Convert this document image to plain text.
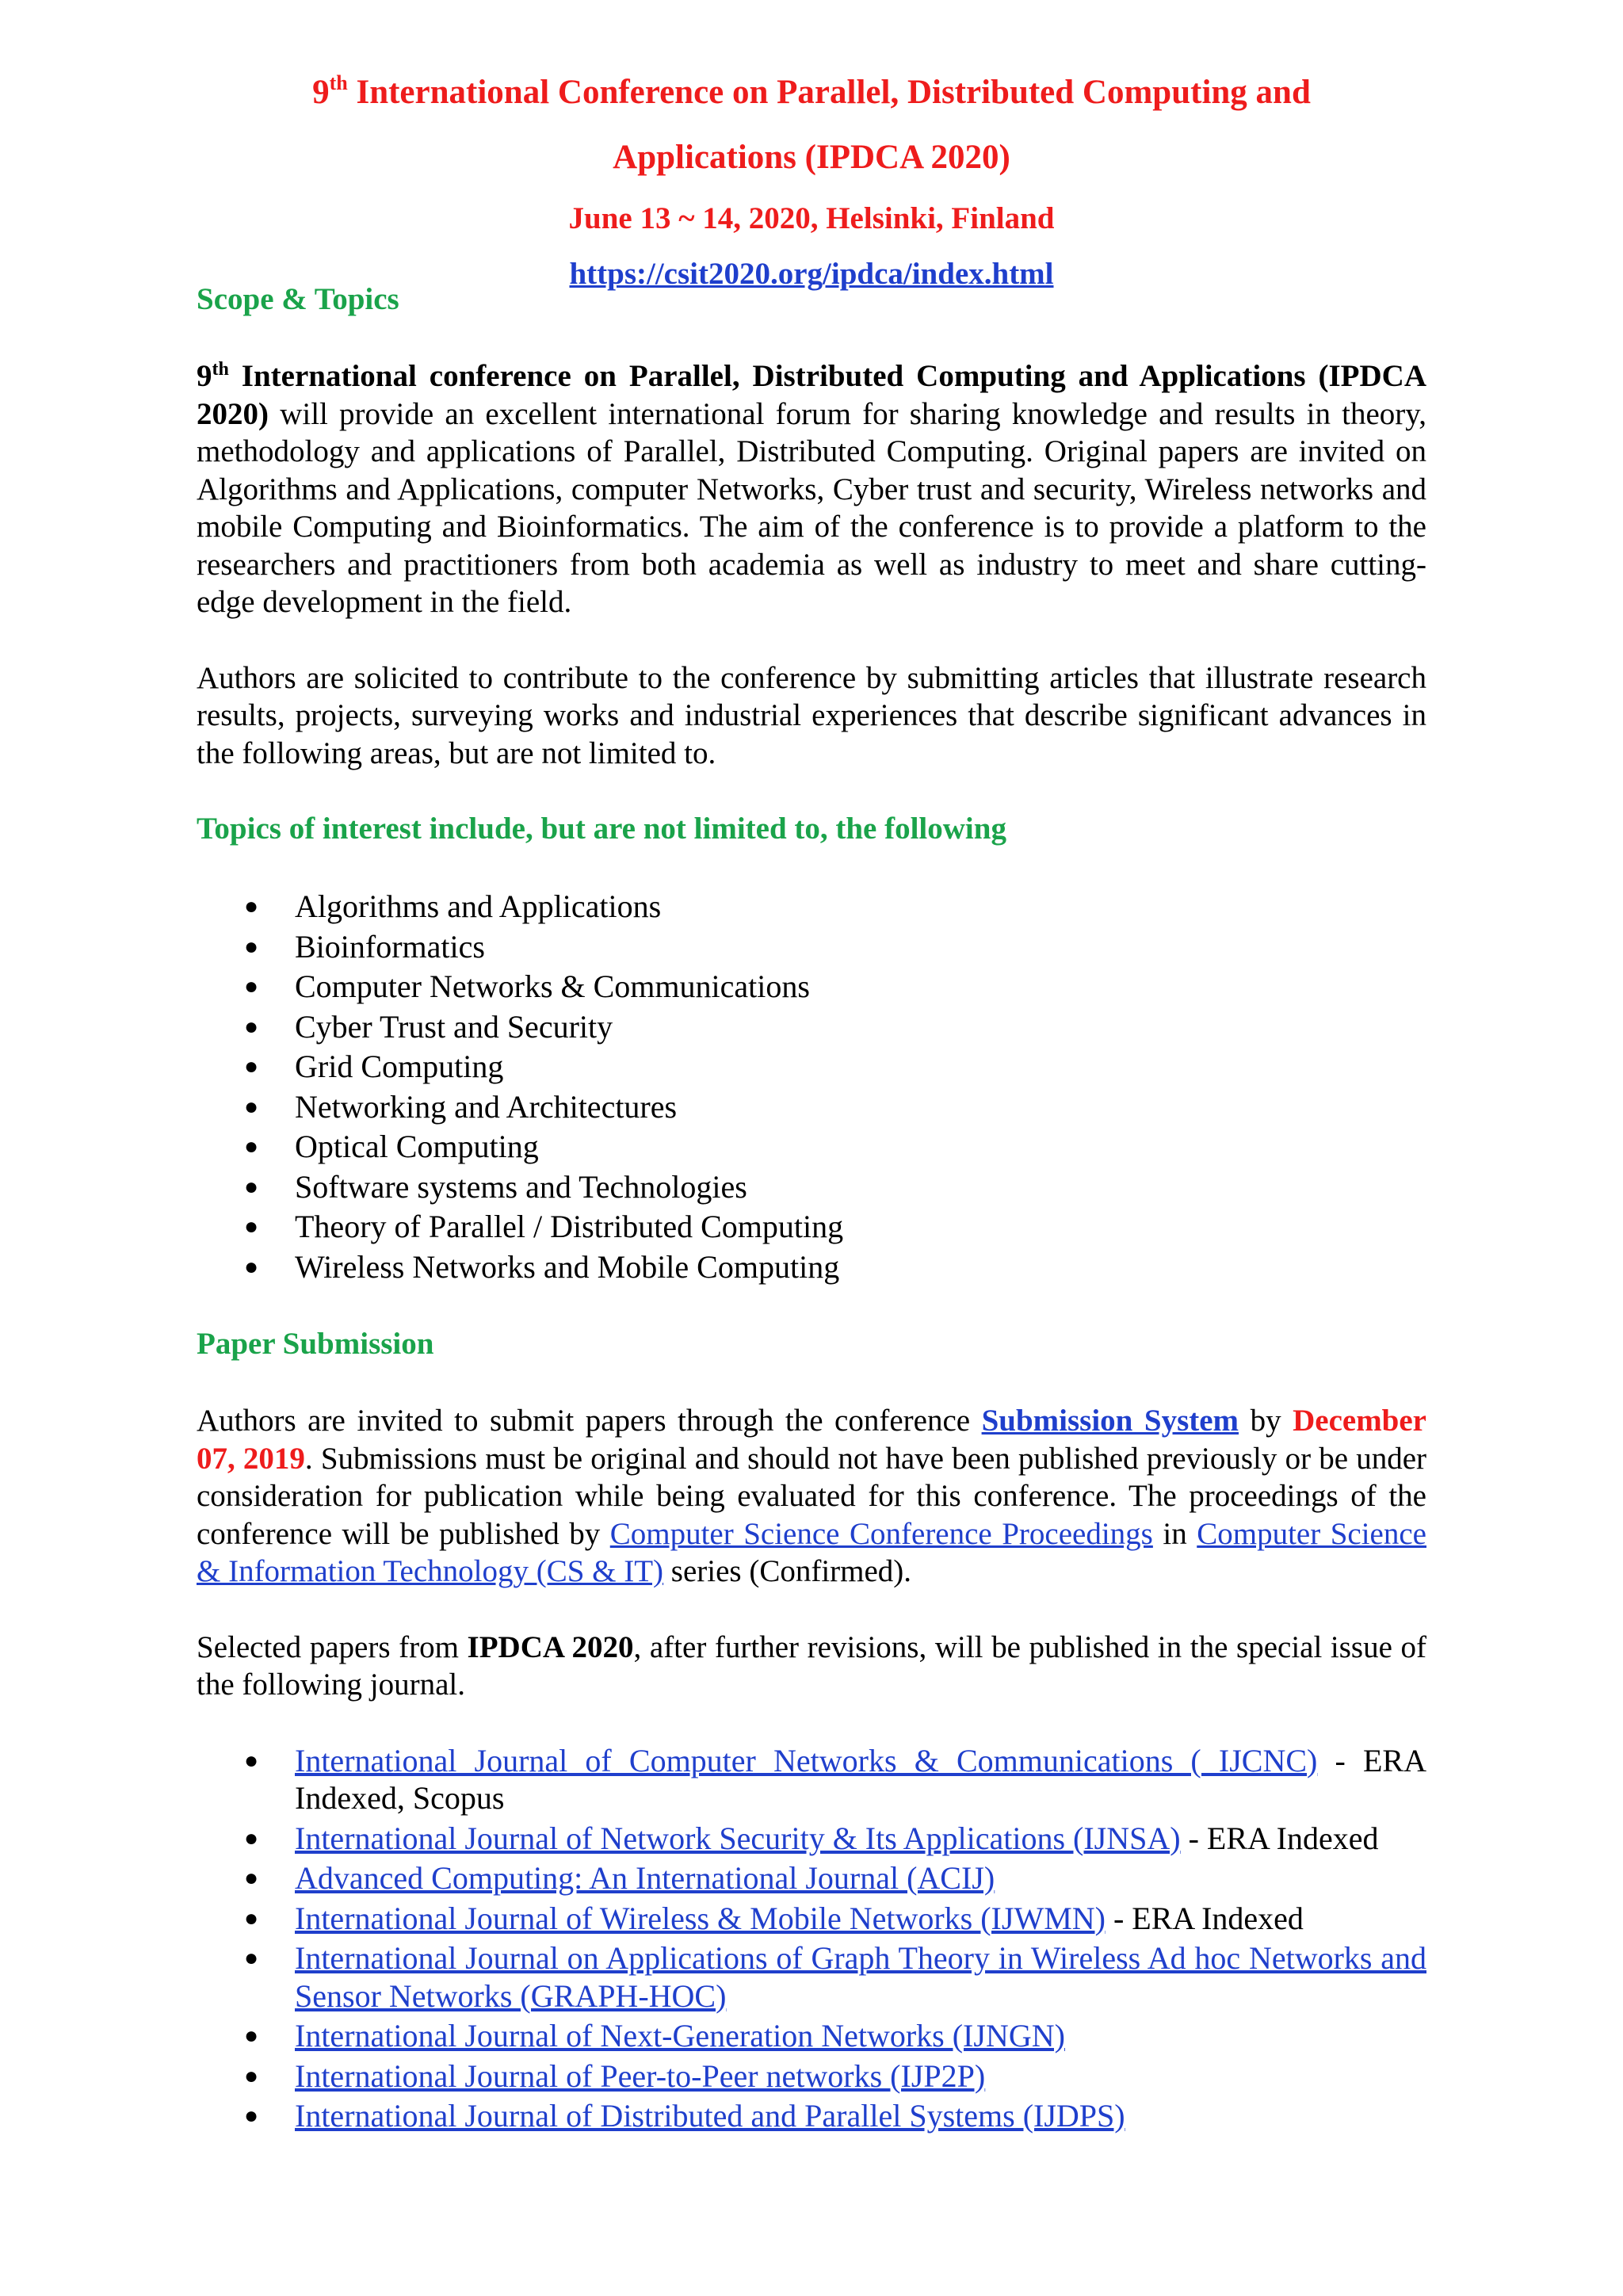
9th International Conference on Parallel, Distributed Computing and
Applications (IPDCA 2020)

June 13 ~ 14, 2020, Helsinki, Finland

https://csit2020.org/ipdca/index.html

Scope & Topics

9th International conference on Parallel, Distributed Computing and Applications (IPDCA 2020) will provide an excellent international forum for sharing knowledge and results in theory, methodology and applications of Parallel, Distributed Computing. Original papers are invited on Algorithms and Applications, computer Networks, Cyber trust and security, Wireless networks and mobile Computing and Bioinformatics. The aim of the conference is to provide a platform to the researchers and practitioners from both academia as well as industry to meet and share cutting-edge development in the field.

Authors are solicited to contribute to the conference by submitting articles that illustrate research results, projects, surveying works and industrial experiences that describe significant advances in the following areas, but are not limited to.

Topics of interest include, but are not limited to, the following

● Algorithms and Applications
● Bioinformatics
● Computer Networks & Communications
● Cyber Trust and Security
● Grid Computing
● Networking and Architectures
● Optical Computing
● Software systems and Technologies
● Theory of Parallel / Distributed Computing
● Wireless Networks and Mobile Computing

Paper Submission

Authors are invited to submit papers through the conference Submission System by December 07, 2019. Submissions must be original and should not have been published previously or be under consideration for publication while being evaluated for this conference. The proceedings of the conference will be published by Computer Science Conference Proceedings in Computer Science & Information Technology (CS & IT) series (Confirmed).

Selected papers from IPDCA 2020, after further revisions, will be published in the special issue of the following journal.

● International Journal of Computer Networks & Communications ( IJCNC) - ERA Indexed, Scopus
● International Journal of Network Security & Its Applications (IJNSA) - ERA Indexed
● Advanced Computing: An International Journal (ACIJ)
● International Journal of Wireless & Mobile Networks (IJWMN) - ERA Indexed
● International Journal on Applications of Graph Theory in Wireless Ad hoc Networks and Sensor Networks (GRAPH-HOC)
● International Journal of Next-Generation Networks (IJNGN)
● International Journal of Peer-to-Peer networks (IJP2P)
● International Journal of Distributed and Parallel Systems (IJDPS)
